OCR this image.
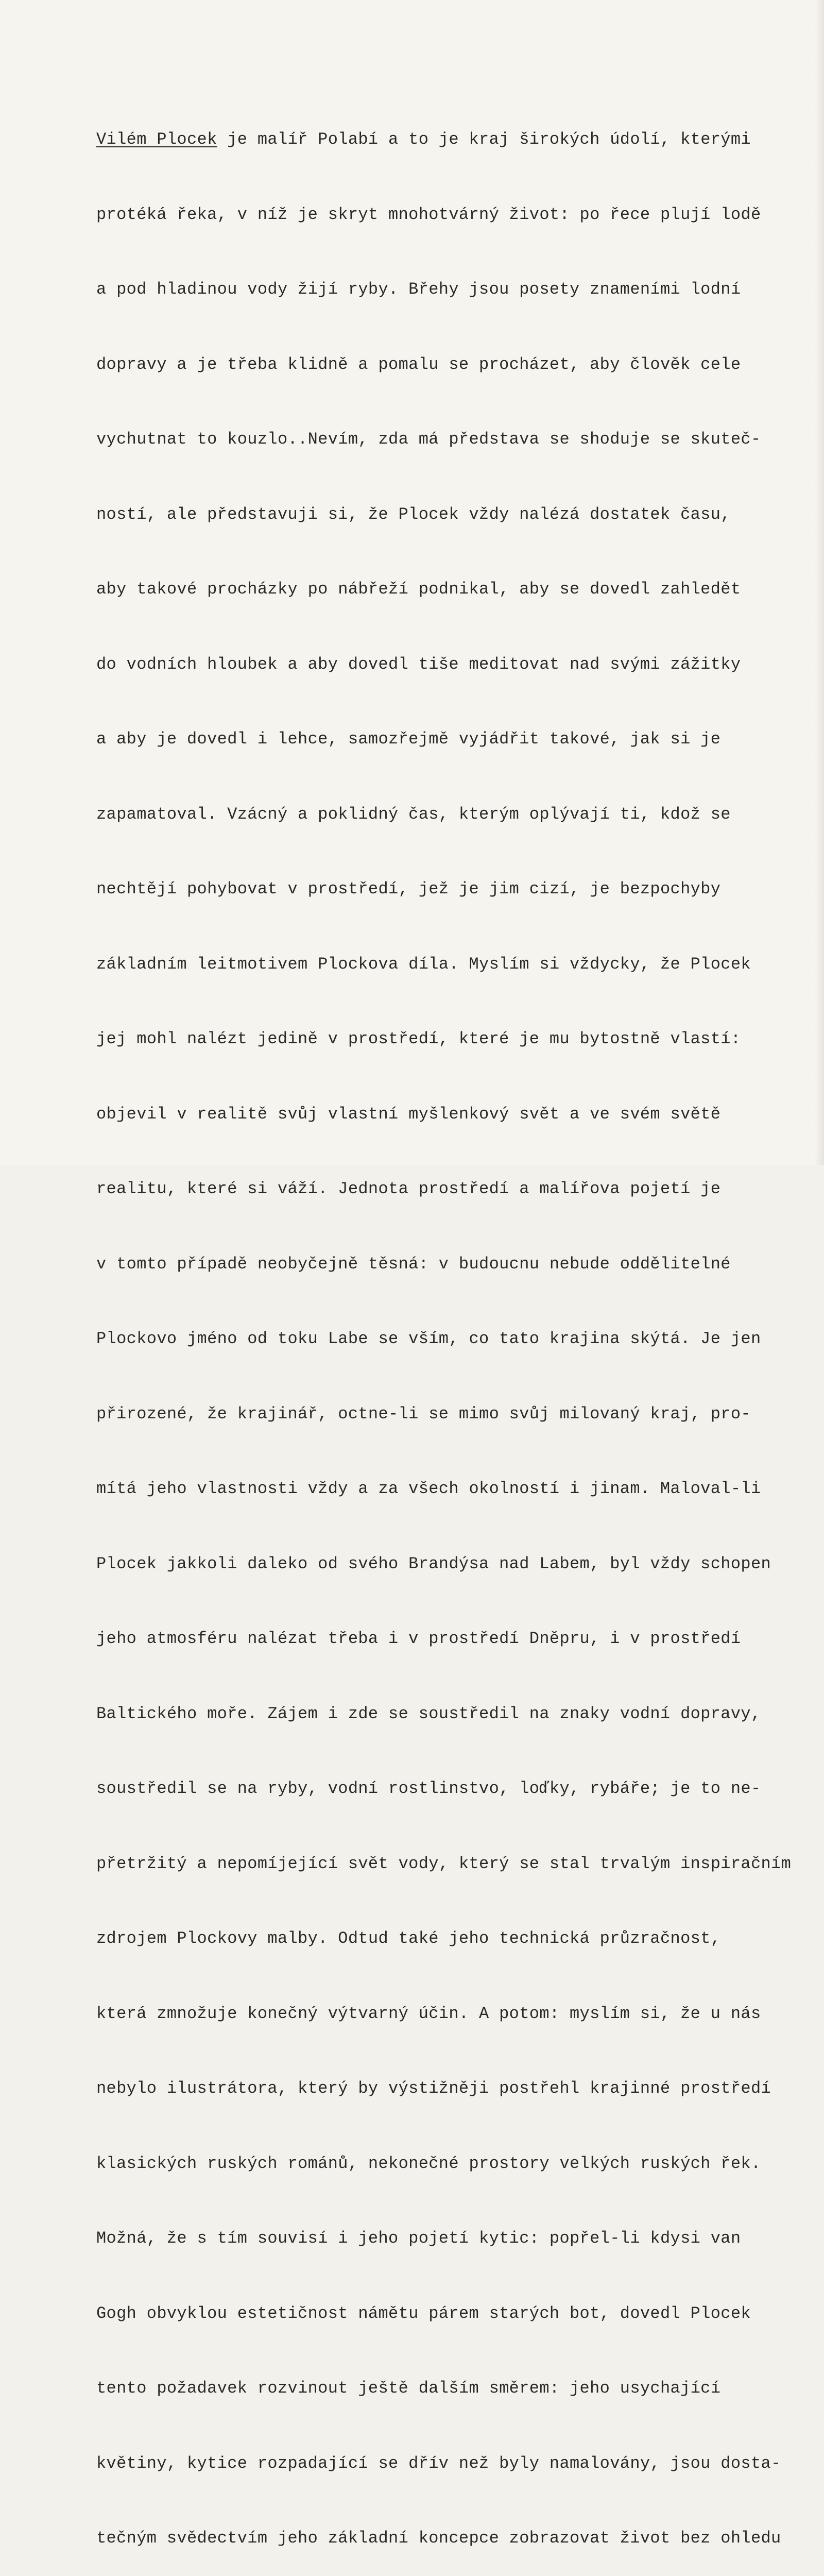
Vilém Plocek je malíř Polabí a to je kraj širokých údolí, kterými

protéká řeka, v níž je skryt mnohotvárný život: po řece plují lodě

a pod hladinou vody žijí ryby. Břehy jsou posety znameními lodní

dopravy a je třeba klidně a pomalu se procházet, aby člověk cele

vychutnat to kouzlo..Nevím, zda má představa se shoduje se skuteč-

ností, ale představuji si, že Plocek vždy nalézá dostatek času,

aby takové procházky po nábřeží podnikal, aby se dovedl zahledět

do vodních hloubek a aby dovedl tiše meditovat nad svými zážitky

a aby je dovedl i lehce, samozřejmě vyjádřit takové, jak si je

zapamatoval. Vzácný a poklidný čas, kterým oplývají ti, kdož se

nechtějí pohybovat v prostředí, jež je jim cizí, je bezpochyby

základním leitmotivem Plockova díla. Myslím si vždycky, že Plocek

jej mohl nalézt jedině v prostředí, které je mu bytostně vlastí:

objevil v realitě svůj vlastní myšlenkový svět a ve svém světě

realitu, které si váží. Jednota prostředí a malířova pojetí je

v tomto případě neobyčejně těsná: v budoucnu nebude oddělitelné

Plockovo jméno od toku Labe se vším, co tato krajina skýtá. Je jen

přirozené, že krajinář, octne-li se mimo svůj milovaný kraj, pro-

mítá jeho vlastnosti vždy a za všech okolností i jinam. Maloval-li

Plocek jakkoli daleko od svého Brandýsa nad Labem, byl vždy schopen

jeho atmosféru nalézat třeba i v prostředí Dněpru, i v prostředí

Baltického moře. Zájem i zde se soustředil na znaky vodní dopravy,

soustředil se na ryby, vodní rostlinstvo, loďky, rybáře; je to ne-

přetržitý a nepomíjející svět vody, který se stal trvalým inspiračním

zdrojem Plockovy malby. Odtud také jeho technická průzračnost,

která zmnožuje konečný výtvarný účin. A potom: myslím si, že u nás

nebylo ilustrátora, který by výstižněji postřehl krajinné prostředí

klasických ruských románů, nekonečné prostory velkých ruských řek.

Možná, že s tím souvisí i jeho pojetí kytic: popřel-li kdysi van

Gogh obvyklou estetičnost námětu párem starých bot, dovedl Plocek

tento požadavek rozvinout ještě dalším směrem: jeho usychající

květiny, kytice rozpadající se dřív než byly namalovány, jsou dosta-

tečným svědectvím jeho základní koncepce zobrazovat život bez ohledu
